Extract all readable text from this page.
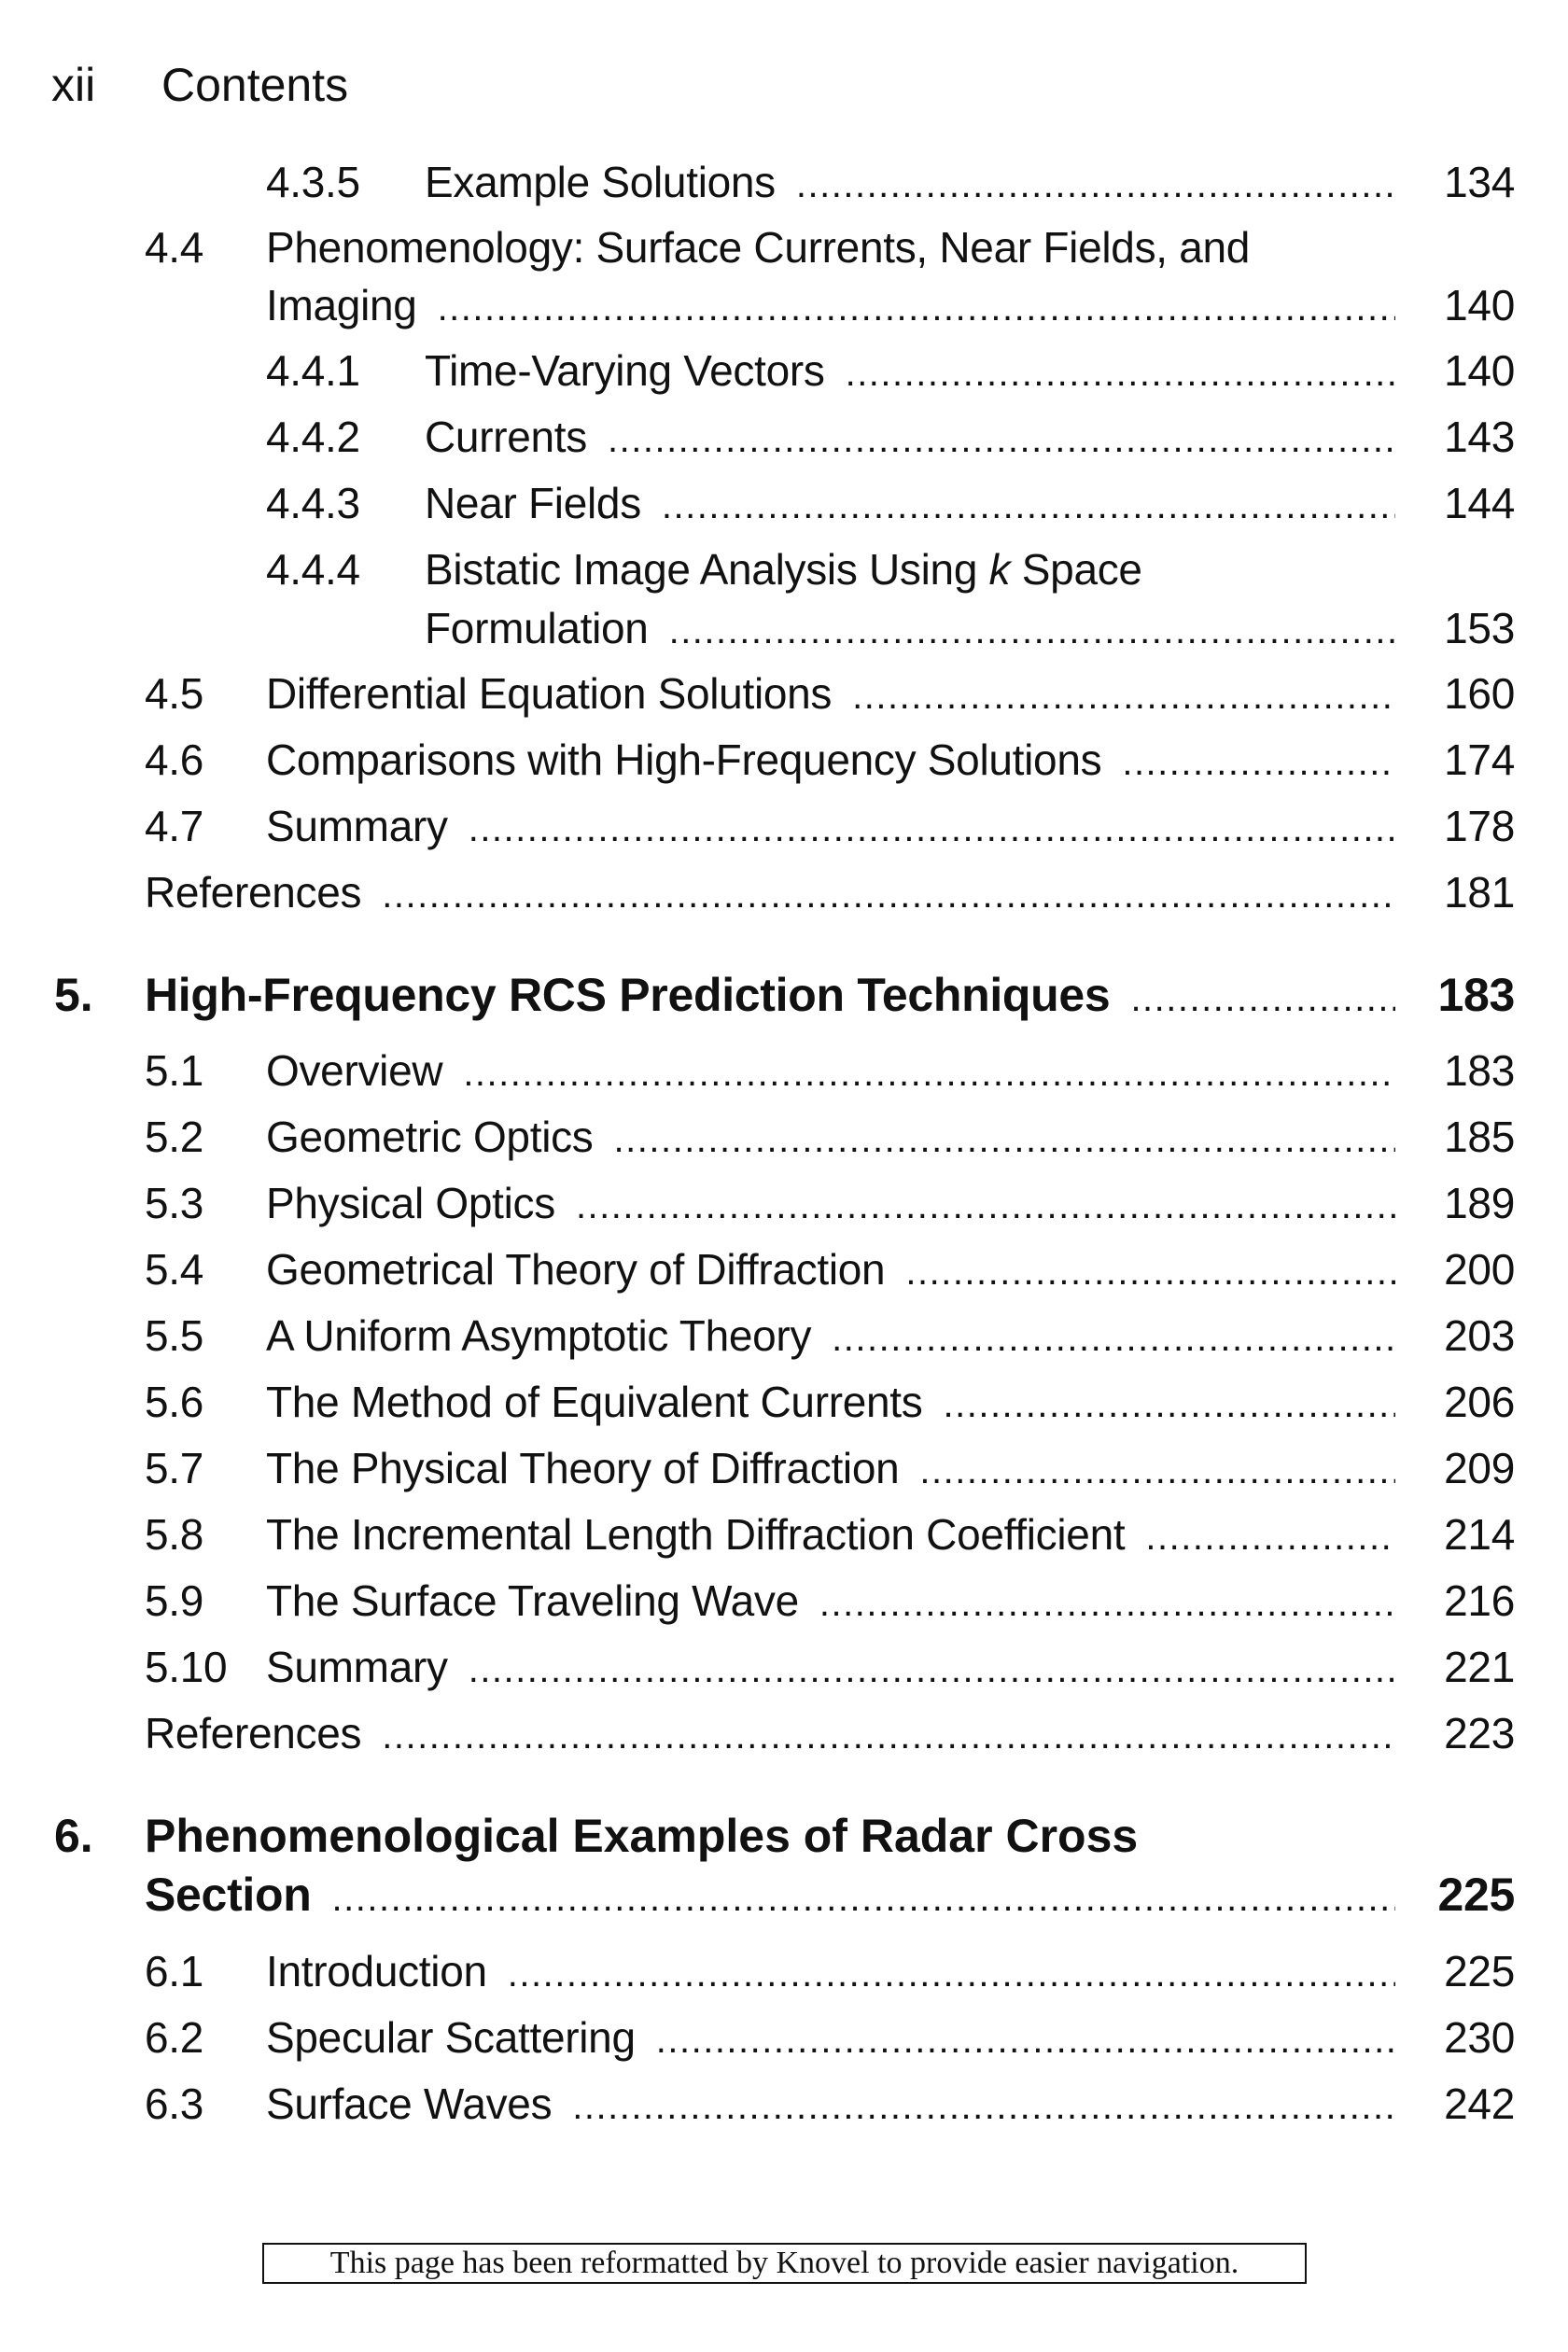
xii Contents
4.3.5 Example Solutions .....	134
4.4 Phenomenology: Surface Currents, Near Fields, and
Imaging .....	140
4.4.1 Time-Varying Vectors .....	140
4.4.2 Currents .....	143
4.4.3 Near Fields .....	144
4.4.4 Bistatic Image Analysis Using k Space
Formulation .....	153
4.5 Differential Equation Solutions .....	160
4.6 Comparisons with High-Frequency Solutions .....	174
4.7 Summary .....	178
References .....	181
5. High-Frequency RCS Prediction Techniques .....	183
5.1 Overview .....	183
5.2 Geometric Optics .....	185
5.3 Physical Optics .....	189
5.4 Geometrical Theory of Diffraction .....	200
5.5 A Uniform Asymptotic Theory .....	203
5.6 The Method of Equivalent Currents .....	206
5.7 The Physical Theory of Diffraction .....	209
5.8 The Incremental Length Diffraction Coefficient .....	214
5.9 The Surface Traveling Wave .....	216
5.10 Summary .....	221
References .....	223
6. Phenomenological Examples of Radar Cross
Section .....	225
6.1 Introduction .....	225
6.2 Specular Scattering .....	230
6.3 Surface Waves .....	242
This page has been reformatted by Knovel to provide easier navigation.
